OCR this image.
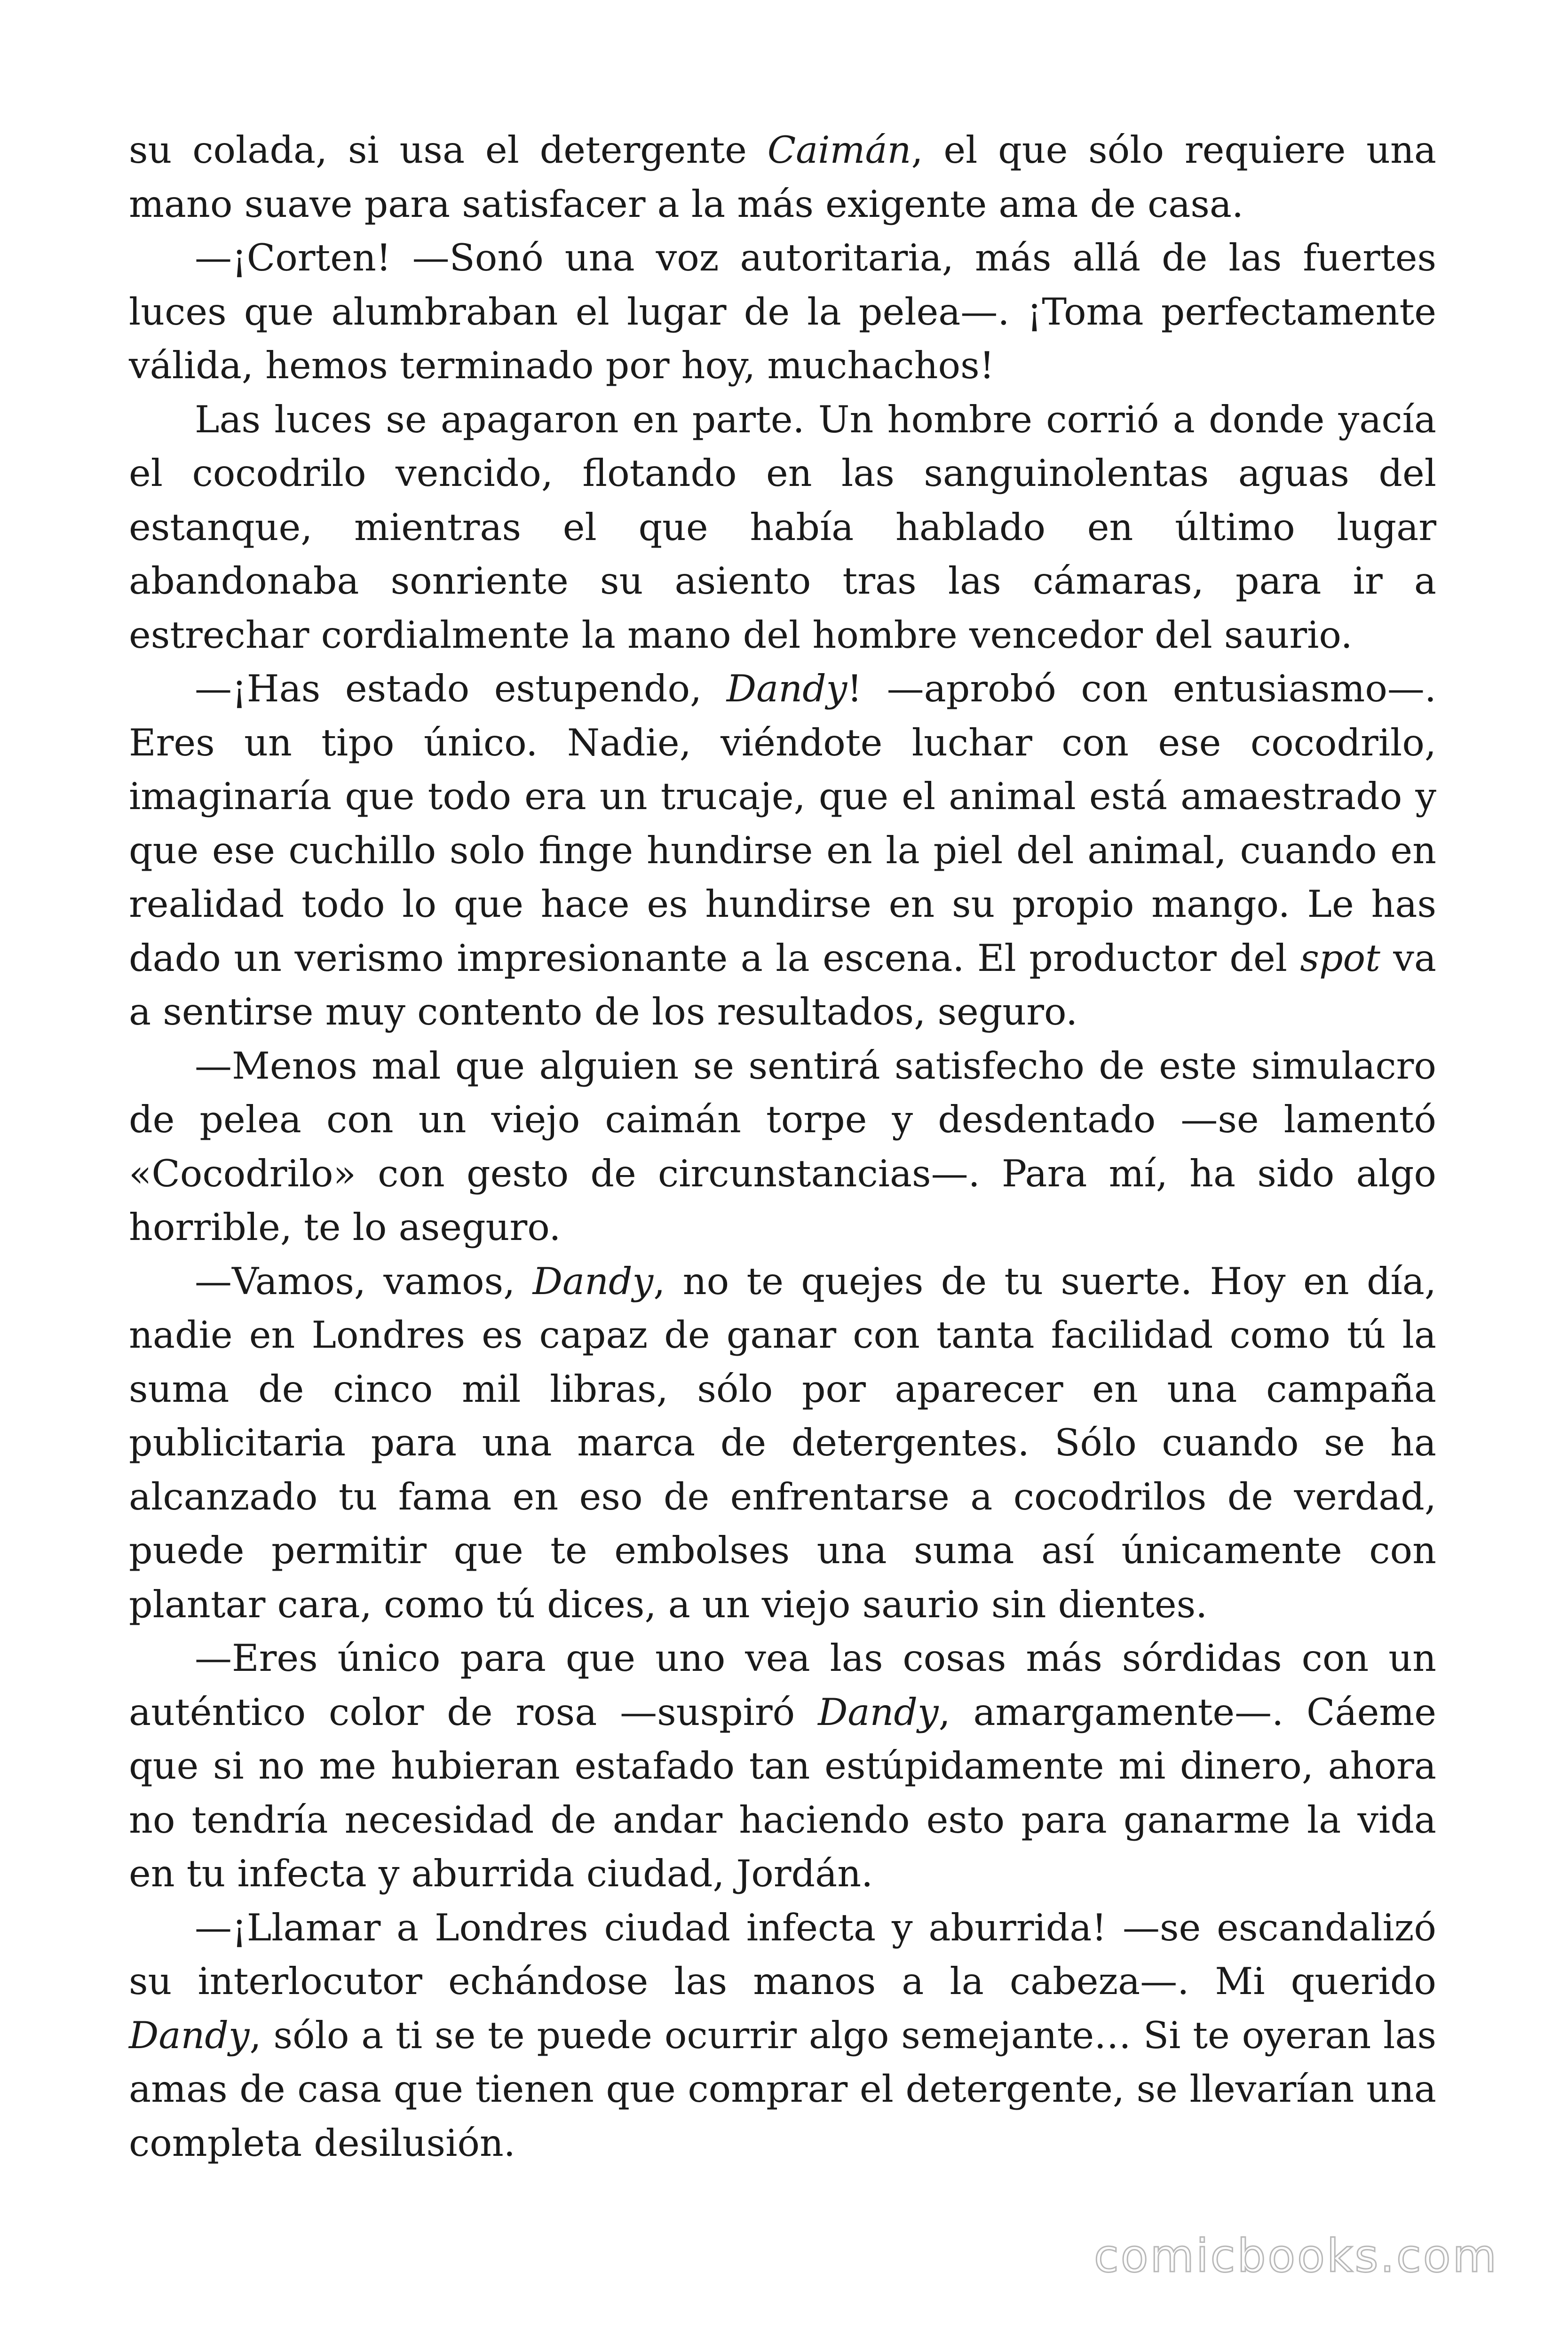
su colada, si usa el detergente Caimán, el que sólo requiere una mano suave para satisfacer a la más exigente ama de casa.

—¡Corten! —Sonó una voz autoritaria, más allá de las fuertes luces que alumbraban el lugar de la pelea—. ¡Toma perfectamente válida, hemos terminado por hoy, muchachos!

Las luces se apagaron en parte. Un hombre corrió a donde yacía el cocodrilo vencido, flotando en las sanguinolentas aguas del estanque, mientras el que había hablado en último lugar abandonaba sonriente su asiento tras las cámaras, para ir a estrechar cordialmente la mano del hombre vencedor del saurio.

—¡Has estado estupendo, Dandy! —aprobó con entusiasmo—. Eres un tipo único. Nadie, viéndote luchar con ese cocodrilo, imaginaría que todo era un trucaje, que el animal está amaestrado y que ese cuchillo solo finge hundirse en la piel del animal, cuando en realidad todo lo que hace es hundirse en su propio mango. Le has dado un verismo impresionante a la escena. El productor del spot va a sentirse muy contento de los resultados, seguro.

—Menos mal que alguien se sentirá satisfecho de este simulacro de pelea con un viejo caimán torpe y desdentado —se lamentó «Cocodrilo» con gesto de circunstancias—. Para mí, ha sido algo horrible, te lo aseguro.

—Vamos, vamos, Dandy, no te quejes de tu suerte. Hoy en día, nadie en Londres es capaz de ganar con tanta facilidad como tú la suma de cinco mil libras, sólo por aparecer en una campaña publicitaria para una marca de detergentes. Sólo cuando se ha alcanzado tu fama en eso de enfrentarse a cocodrilos de verdad, puede permitir que te embolses una suma así únicamente con plantar cara, como tú dices, a un viejo saurio sin dientes.

—Eres único para que uno vea las cosas más sórdidas con un auténtico color de rosa —suspiró Dandy, amargamente—. Cáeme que si no me hubieran estafado tan estúpidamente mi dinero, ahora no tendría necesidad de andar haciendo esto para ganarme la vida en tu infecta y aburrida ciudad, Jordán.

—¡Llamar a Londres ciudad infecta y aburrida! —se escandalizó su interlocutor echándose las manos a la cabeza—. Mi querido Dandy, sólo a ti se te puede ocurrir algo semejante… Si te oyeran las amas de casa que tienen que comprar el detergente, se llevarían una completa desilusión.

comicbooks.com
